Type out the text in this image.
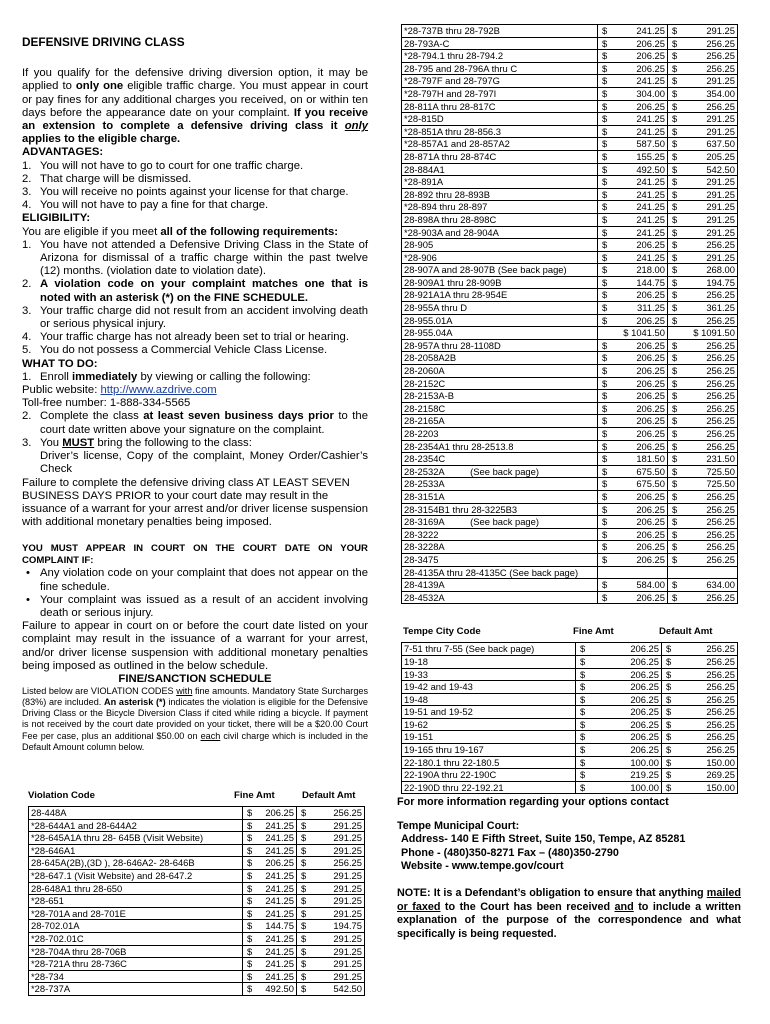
DEFENSIVE DRIVING CLASS

If you qualify for the defensive driving diversion option, it may be applied to only one eligible traffic charge. You must appear in court or pay fines for any additional charges you received, on or within ten days before the appearance date on your complaint. If you receive an extension to complete a defensive driving class it only applies to the eligible charge.

ADVANTAGES:

1. You will not have to go to court for one traffic charge.
2. That charge will be dismissed.
3. You will receive no points against your license for that charge.
4. You will not have to pay a fine for that charge.

ELIGIBILITY:

You are eligible if you meet all of the following requirements:

1. You have not attended a Defensive Driving Class in the State of Arizona for dismissal of a traffic charge within the past twelve (12) months. (violation date to violation date).
2. A violation code on your complaint matches one that is noted with an asterisk (*) on the FINE SCHEDULE.
3. Your traffic charge did not result from an accident involving death or serious physical injury.
4. Your traffic charge has not already been set to trial or hearing.
5. You do not possess a Commercial Vehicle Class License.

WHAT TO DO:

1. Enroll immediately by viewing or calling the following:

Public website: http://www.azdrive.com

Toll-free number: 1-888-334-5565

2. Complete the class at least seven business days prior to the court date written above your signature on the complaint.
3. You MUST bring the following to the class:
Driver’s license, Copy of the complaint, Money Order/Cashier’s Check

Failure to complete the defensive driving class AT LEAST SEVEN BUSINESS DAYS PRIOR to your court date may result in the issuance of a warrant for your arrest and/or driver license suspension with additional monetary penalties being imposed.

YOU MUST APPEAR IN COURT ON THE COURT DATE ON YOUR COMPLAINT IF:

• Any violation code on your complaint that does not appear on the fine schedule.
• Your complaint was issued as a result of an accident involving death or serious injury.

Failure to appear in court on or before the court date listed on your complaint may result in the issuance of a warrant for your arrest, and/or driver license suspension with additional monetary penalties being imposed as outlined in the below schedule.

FINE/SANCTION SCHEDULE

Listed below are VIOLATION CODES with fine amounts. Mandatory State Surcharges (83%) are included. An asterisk (*) indicates the violation is eligible for the Defensive Driving Class or the Bicycle Diversion Class if cited while riding a bicycle. If payment is not received by the court date provided on your ticket, there will be a $20.00 Court Fee per case, plus an additional $50.00 on each civil charge which is included in the Default Amount column below.

Violation Code	Fine Amt	Default Amt
28-448A	$ 206.25	$ 256.25
*28-644A1 and 28-644A2	$ 241.25	$ 291.25
*28-645A1A thru 28- 645B (Visit Website)	$ 241.25	$ 291.25
*28-646A1	$ 241.25	$ 291.25
28-645A(2B),(3D ), 28-646A2- 28-646B	$ 206.25	$ 256.25
*28-647.1 (Visit Website) and 28-647.2	$ 241.25	$ 291.25
28-648A1 thru 28-650	$ 241.25	$ 291.25
*28-651	$ 241.25	$ 291.25
*28-701A and 28-701E	$ 241.25	$ 291.25
28-702.01A	$ 144.75	$ 194.75
*28-702.01C	$ 241.25	$ 291.25
*28-704A thru 28-706B	$ 241.25	$ 291.25
*28-721A thru 28-736C	$ 241.25	$ 291.25
*28-734	$ 241.25	$ 291.25
*28-737A	$ 492.50	$ 542.50
*28-737B thru 28-792B	$ 241.25	$ 291.25
28-793A-C	$ 206.25	$ 256.25
*28-794.1 thru 28-794.2	$ 206.25	$ 256.25
28-795 and 28-796A thru C	$ 206.25	$ 256.25
*28-797F and 28-797G	$ 241.25	$ 291.25
*28-797H and 28-797I	$ 304.00	$ 354.00
28-811A thru 28-817C	$ 206.25	$ 256.25
*28-815D	$ 241.25	$ 291.25
*28-851A thru 28-856.3	$ 241.25	$ 291.25
*28-857A1 and 28-857A2	$ 587.50	$ 637.50
28-871A thru 28-874C	$ 155.25	$ 205.25
28-884A1	$ 492.50	$ 542.50
*28-891A	$ 241.25	$ 291.25
28-892 thru 28-893B	$ 241.25	$ 291.25
*28-894 thru 28-897	$ 241.25	$ 291.25
28-898A thru 28-898C	$ 241.25	$ 291.25
*28-903A and 28-904A	$ 241.25	$ 291.25
28-905	$ 206.25	$ 256.25
*28-906	$ 241.25	$ 291.25
28-907A and 28-907B (See back page)	$ 218.00	$ 268.00
28-909A1 thru 28-909B	$ 144.75	$ 194.75
28-921A1A thru 28-954E	$ 206.25	$ 256.25
28-955A thru D	$ 311.25	$ 361.25
28-955.01A	$ 206.25	$ 256.25
28-955.04A	$ 1041.50	$ 1091.50
28-957A thru 28-1108D	$ 206.25	$ 256.25
28-2058A2B	$ 206.25	$ 256.25
28-2060A	$ 206.25	$ 256.25
28-2152C	$ 206.25	$ 256.25
28-2153A-B	$ 206.25	$ 256.25
28-2158C	$ 206.25	$ 256.25
28-2165A	$ 206.25	$ 256.25
28-2203	$ 206.25	$ 256.25
28-2354A1 thru 28-2513.8	$ 206.25	$ 256.25
28-2354C	$ 181.50	$ 231.50
28-2532A          (See back page)	$ 675.50	$ 725.50
28-2533A	$ 675.50	$ 725.50
28-3151A	$ 206.25	$ 256.25
28-3154B1 thru 28-3225B3	$ 206.25	$ 256.25
28-3169A          (See back page)	$ 206.25	$ 256.25
28-3222	$ 206.25	$ 256.25
28-3228A	$ 206.25	$ 256.25
28-3475	$ 206.25	$ 256.25
28-4135A thru 28-4135C (See back page)		
28-4139A	$ 584.00	$ 634.00
28-4532A	$ 206.25	$ 256.25
Tempe City Code	Fine Amt	Default Amt
7-51 thru 7-55 (See back page)	$ 206.25	$ 256.25
19-18	$ 206.25	$ 256.25
19-33	$ 206.25	$ 256.25
19-42 and 19-43	$ 206.25	$ 256.25
19-48	$ 206.25	$ 256.25
19-51 and 19-52	$ 206.25	$ 256.25
19-62	$ 206.25	$ 256.25
19-151	$ 206.25	$ 256.25
19-165 thru 19-167	$ 206.25	$ 256.25
22-180.1 thru 22-180.5	$ 100.00	$ 150.00
22-190A thru 22-190C	$ 219.25	$ 269.25
22-190D thru 22-192.21	$ 100.00	$ 150.00

For more information regarding your options contact

Tempe Municipal Court:

Address- 140 E Fifth Street, Suite 150, Tempe, AZ 85281

Phone - (480)350-8271 Fax – (480)350-2790

Website - www.tempe.gov/court

NOTE: It is a Defendant’s obligation to ensure that anything mailed or faxed to the Court has been received and to include a written explanation of the purpose of the correspondence and what specifically is being requested.
